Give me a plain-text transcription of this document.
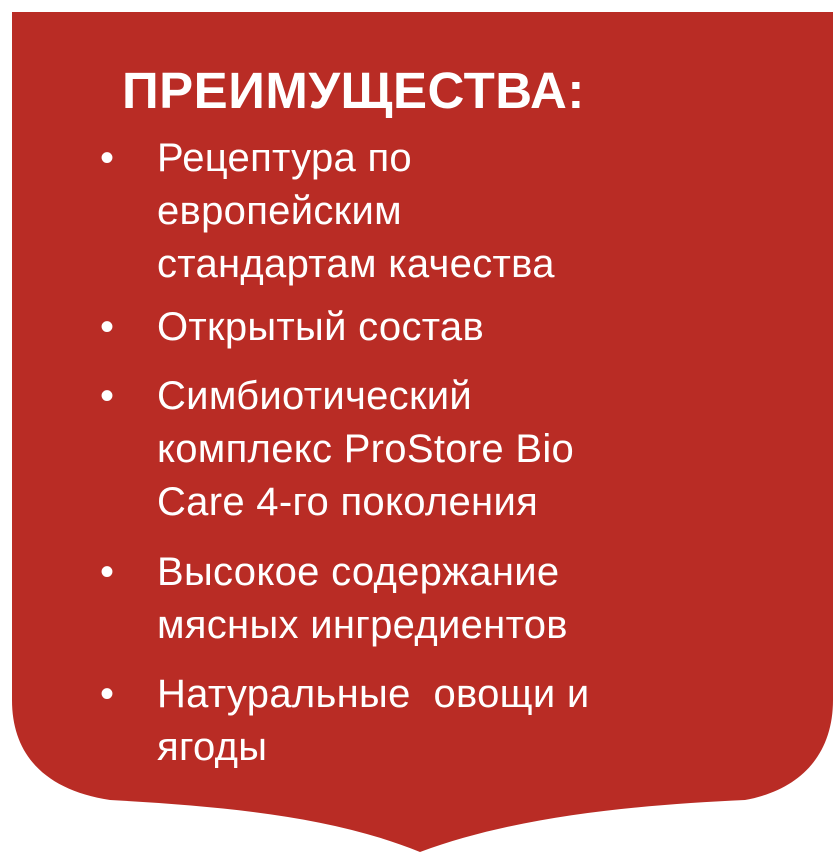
ПРЕИМУЩЕСТВА:
• Рецептура по
европейским
стандартам качества
• Открытый состав
• Симбиотический
комплекс ProStore Bio
Care 4-го поколения
• Высокое содержание
мясных ингредиентов
• Натуральные  овощи и
ягоды
